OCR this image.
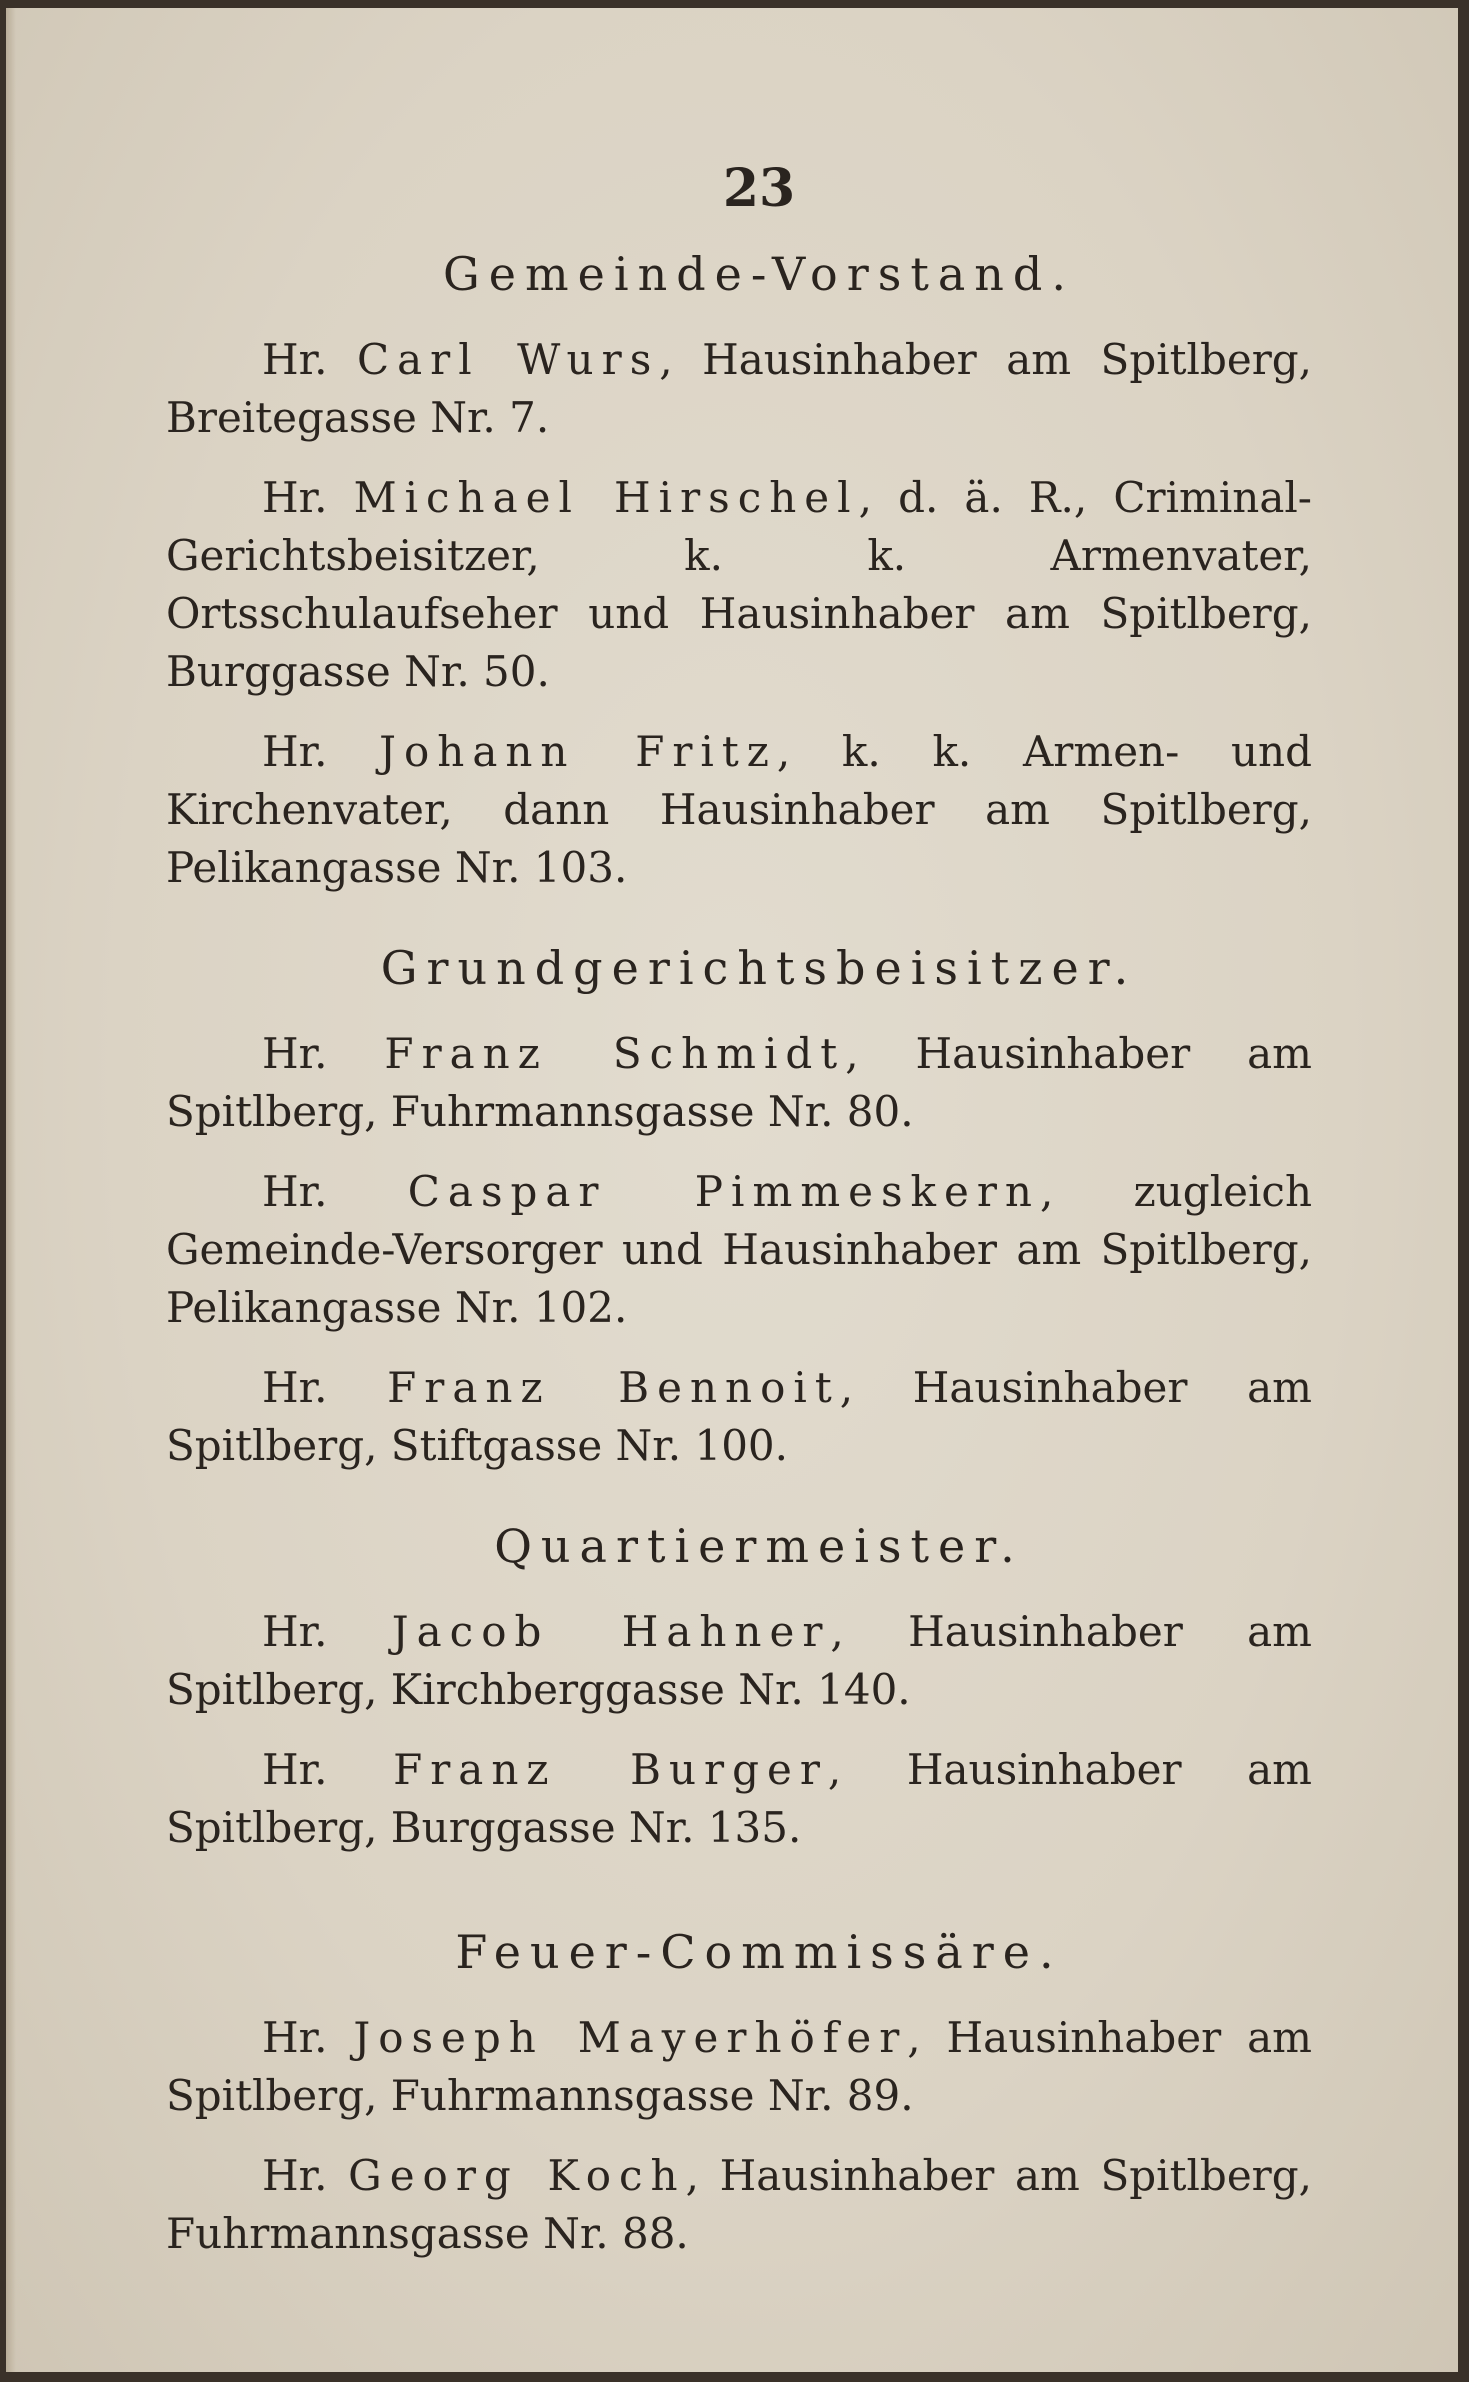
23
Gemeinde-Vorstand.

Hr. Carl Wurs, Hausinhaber am Spitlberg, Breitegasse Nr. 7.

Hr. Michael Hirschel, d. ä. R., Criminal-Gerichtsbeisitzer, k. k. Armenvater, Ortsschulaufseher und Hausinhaber am Spitlberg, Burggasse Nr. 50.

Hr. Johann Fritz, k. k. Armen- und Kirchenvater, dann Hausinhaber am Spitlberg, Pelikangasse Nr. 103.

Grundgerichtsbeisitzer.

Hr. Franz Schmidt, Hausinhaber am Spitlberg, Fuhrmannsgasse Nr. 80.

Hr. Caspar Pimmeskern, zugleich Gemeinde-Versorger und Hausinhaber am Spitlberg, Pelikangasse Nr. 102.

Hr. Franz Bennoit, Hausinhaber am Spitlberg, Stiftgasse Nr. 100.

Quartiermeister.

Hr. Jacob Hahner, Hausinhaber am Spitlberg, Kirchberggasse Nr. 140.

Hr. Franz Burger, Hausinhaber am Spitlberg, Burggasse Nr. 135.

Feuer-Commissäre.

Hr. Joseph Mayerhöfer, Hausinhaber am Spitlberg, Fuhrmannsgasse Nr. 89.

Hr. Georg Koch, Hausinhaber am Spitlberg, Fuhrmannsgasse Nr. 88.
